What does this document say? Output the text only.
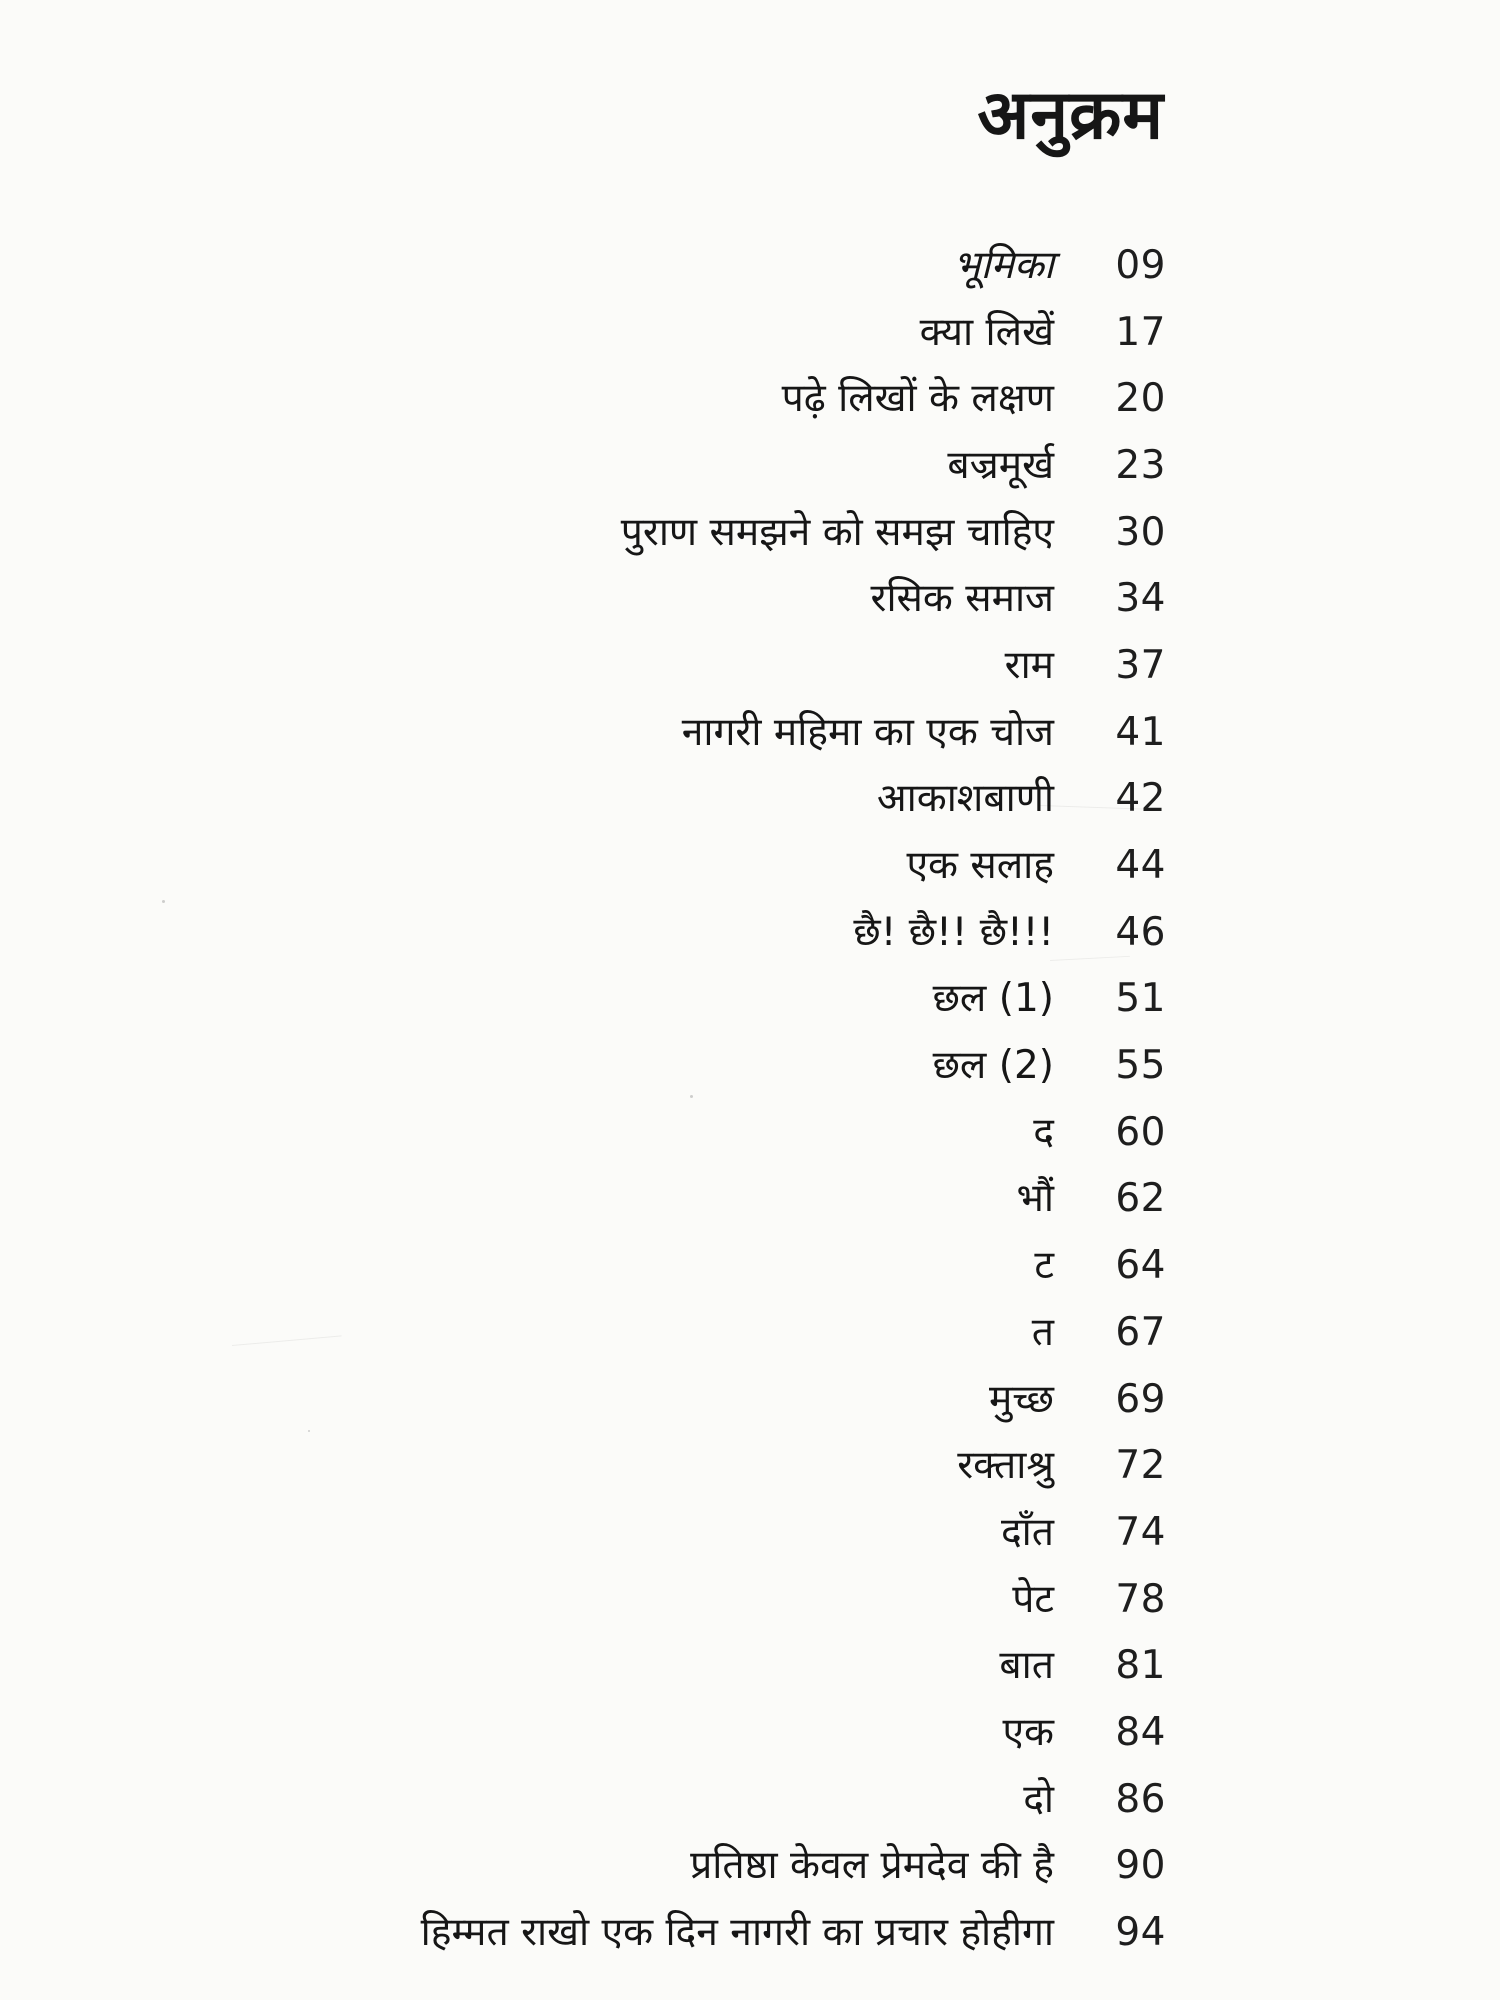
अनुक्रम
भूमिका	09
क्या लिखें	17
पढ़े लिखों के लक्षण	20
बज्रमूर्ख	23
पुराण समझने को समझ चाहिए	30
रसिक समाज	34
राम	37
नागरी महिमा का एक चोज	41
आकाशबाणी	42
एक सलाह	44
छै! छै!! छै!!!	46
छल (1)	51
छल (2)	55
द	60
भौं	62
ट	64
त	67
मुच्छ	69
रक्ताश्रु	72
दाँत	74
पेट	78
बात	81
एक	84
दो	86
प्रतिष्ठा केवल प्रेमदेव की है	90
हिम्मत राखो एक दिन नागरी का प्रचार होहीगा	94
